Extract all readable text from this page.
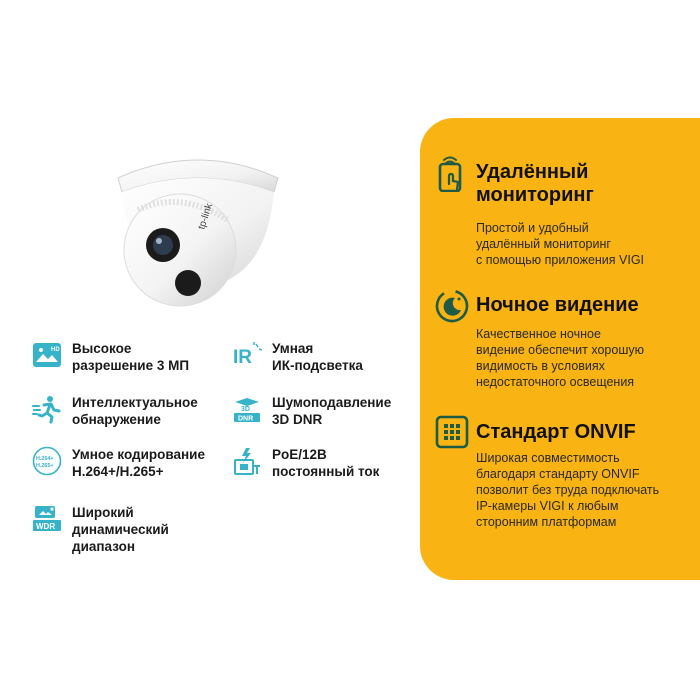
tp-link
HD Высокое
разрешение 3 МП IR Умная
ИК-подсветка
Интеллектуальное
обнаружение
3D
DNR
Шумоподавление
3D DNR
H.264+
H.265+
Умное кодирование
H.264+/H.265+
PoE/12В
постоянный ток
WDR
Широкий
динамический
диапазон
Удалённый
мониторинг
Простой и удобный
удалённый мониторинг
с помощью приложения VIGI
Ночное видение
Качественное ночное
видение обеспечит хорошую
видимость в условиях
недостаточного освещения
Стандарт ONVIF
Широкая совместимость
благодаря стандарту ONVIF
позволит без труда подключать
IP-камеры VIGI к любым
сторонним платформам
